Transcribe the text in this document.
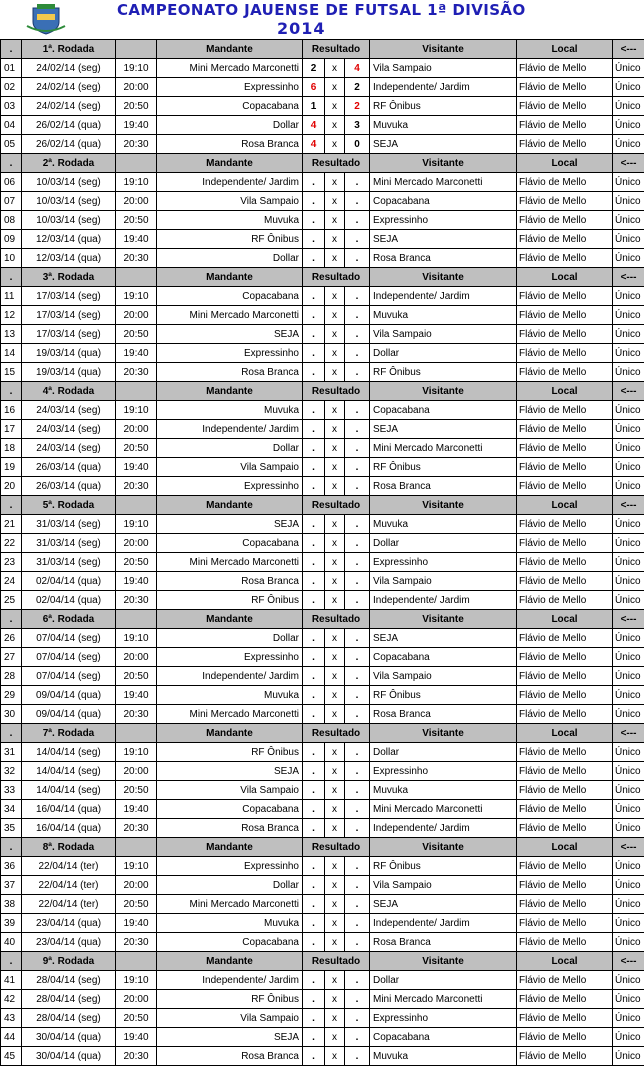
CAMPEONATO JAUENSE DE FUTSAL 1ª DIVISÃO
2014
.	1ª. Rodada		Mandante	Resultado			Visitante	Local	<---
01	24/02/14 (seg)	19:10	Mini Mercado Marconetti	2	x	4	Vila Sampaio	Flávio de Mello	Único
02	24/02/14 (seg)	20:00	Expressinho	6	x	2	Independente/ Jardim	Flávio de Mello	Único
03	24/02/14 (seg)	20:50	Copacabana	1	x	2	RF Ônibus	Flávio de Mello	Único
04	26/02/14 (qua)	19:40	Dollar	4	x	3	Muvuka	Flávio de Mello	Único
05	26/02/14 (qua)	20:30	Rosa Branca	4	x	0	SEJA	Flávio de Mello	Único
.	2ª. Rodada		Mandante	Resultado			Visitante	Local	<---
06	10/03/14 (seg)	19:10	Independente/ Jardim	.	x	.	Mini Mercado Marconetti	Flávio de Mello	Único
07	10/03/14 (seg)	20:00	Vila Sampaio	.	x	.	Copacabana	Flávio de Mello	Único
08	10/03/14 (seg)	20:50	Muvuka	.	x	.	Expressinho	Flávio de Mello	Único
09	12/03/14 (qua)	19:40	RF Ônibus	.	x	.	SEJA	Flávio de Mello	Único
10	12/03/14 (qua)	20:30	Dollar	.	x	.	Rosa Branca	Flávio de Mello	Único
.	3ª. Rodada		Mandante	Resultado			Visitante	Local	<---
11	17/03/14 (seg)	19:10	Copacabana	.	x	.	Independente/ Jardim	Flávio de Mello	Único
12	17/03/14 (seg)	20:00	Mini Mercado Marconetti	.	x	.	Muvuka	Flávio de Mello	Único
13	17/03/14 (seg)	20:50	SEJA	.	x	.	Vila Sampaio	Flávio de Mello	Único
14	19/03/14 (qua)	19:40	Expressinho	.	x	.	Dollar	Flávio de Mello	Único
15	19/03/14 (qua)	20:30	Rosa Branca	.	x	.	RF Ônibus	Flávio de Mello	Único
.	4ª. Rodada		Mandante	Resultado			Visitante	Local	<---
16	24/03/14 (seg)	19:10	Muvuka	.	x	.	Copacabana	Flávio de Mello	Único
17	24/03/14 (seg)	20:00	Independente/ Jardim	.	x	.	SEJA	Flávio de Mello	Único
18	24/03/14 (seg)	20:50	Dollar	.	x	.	Mini Mercado Marconetti	Flávio de Mello	Único
19	26/03/14 (qua)	19:40	Vila Sampaio	.	x	.	RF Ônibus	Flávio de Mello	Único
20	26/03/14 (qua)	20:30	Expressinho	.	x	.	Rosa Branca	Flávio de Mello	Único
.	5ª. Rodada		Mandante	Resultado			Visitante	Local	<---
21	31/03/14 (seg)	19:10	SEJA	.	x	.	Muvuka	Flávio de Mello	Único
22	31/03/14 (seg)	20:00	Copacabana	.	x	.	Dollar	Flávio de Mello	Único
23	31/03/14 (seg)	20:50	Mini Mercado Marconetti	.	x	.	Expressinho	Flávio de Mello	Único
24	02/04/14 (qua)	19:40	Rosa Branca	.	x	.	Vila Sampaio	Flávio de Mello	Único
25	02/04/14 (qua)	20:30	RF Ônibus	.	x	.	Independente/ Jardim	Flávio de Mello	Único
.	6ª. Rodada		Mandante	Resultado			Visitante	Local	<---
26	07/04/14 (seg)	19:10	Dollar	.	x	.	SEJA	Flávio de Mello	Único
27	07/04/14 (seg)	20:00	Expressinho	.	x	.	Copacabana	Flávio de Mello	Único
28	07/04/14 (seg)	20:50	Independente/ Jardim	.	x	.	Vila Sampaio	Flávio de Mello	Único
29	09/04/14 (qua)	19:40	Muvuka	.	x	.	RF Ônibus	Flávio de Mello	Único
30	09/04/14 (qua)	20:30	Mini Mercado Marconetti	.	x	.	Rosa Branca	Flávio de Mello	Único
.	7ª. Rodada		Mandante	Resultado			Visitante	Local	<---
31	14/04/14 (seg)	19:10	RF Ônibus	.	x	.	Dollar	Flávio de Mello	Único
32	14/04/14 (seg)	20:00	SEJA	.	x	.	Expressinho	Flávio de Mello	Único
33	14/04/14 (seg)	20:50	Vila Sampaio	.	x	.	Muvuka	Flávio de Mello	Único
34	16/04/14 (qua)	19:40	Copacabana	.	x	.	Mini Mercado Marconetti	Flávio de Mello	Único
35	16/04/14 (qua)	20:30	Rosa Branca	.	x	.	Independente/ Jardim	Flávio de Mello	Único
.	8ª. Rodada		Mandante	Resultado			Visitante	Local	<---
36	22/04/14 (ter)	19:10	Expressinho	.	x	.	RF Ônibus	Flávio de Mello	Único
37	22/04/14 (ter)	20:00	Dollar	.	x	.	Vila Sampaio	Flávio de Mello	Único
38	22/04/14 (ter)	20:50	Mini Mercado Marconetti	.	x	.	SEJA	Flávio de Mello	Único
39	23/04/14 (qua)	19:40	Muvuka	.	x	.	Independente/ Jardim	Flávio de Mello	Único
40	23/04/14 (qua)	20:30	Copacabana	.	x	.	Rosa Branca	Flávio de Mello	Único
.	9ª. Rodada		Mandante	Resultado			Visitante	Local	<---
41	28/04/14 (seg)	19:10	Independente/ Jardim	.	x	.	Dollar	Flávio de Mello	Único
42	28/04/14 (seg)	20:00	RF Ônibus	.	x	.	Mini Mercado Marconetti	Flávio de Mello	Único
43	28/04/14 (seg)	20:50	Vila Sampaio	.	x	.	Expressinho	Flávio de Mello	Único
44	30/04/14 (qua)	19:40	SEJA	.	x	.	Copacabana	Flávio de Mello	Único
45	30/04/14 (qua)	20:30	Rosa Branca	.	x	.	Muvuka	Flávio de Mello	Único
